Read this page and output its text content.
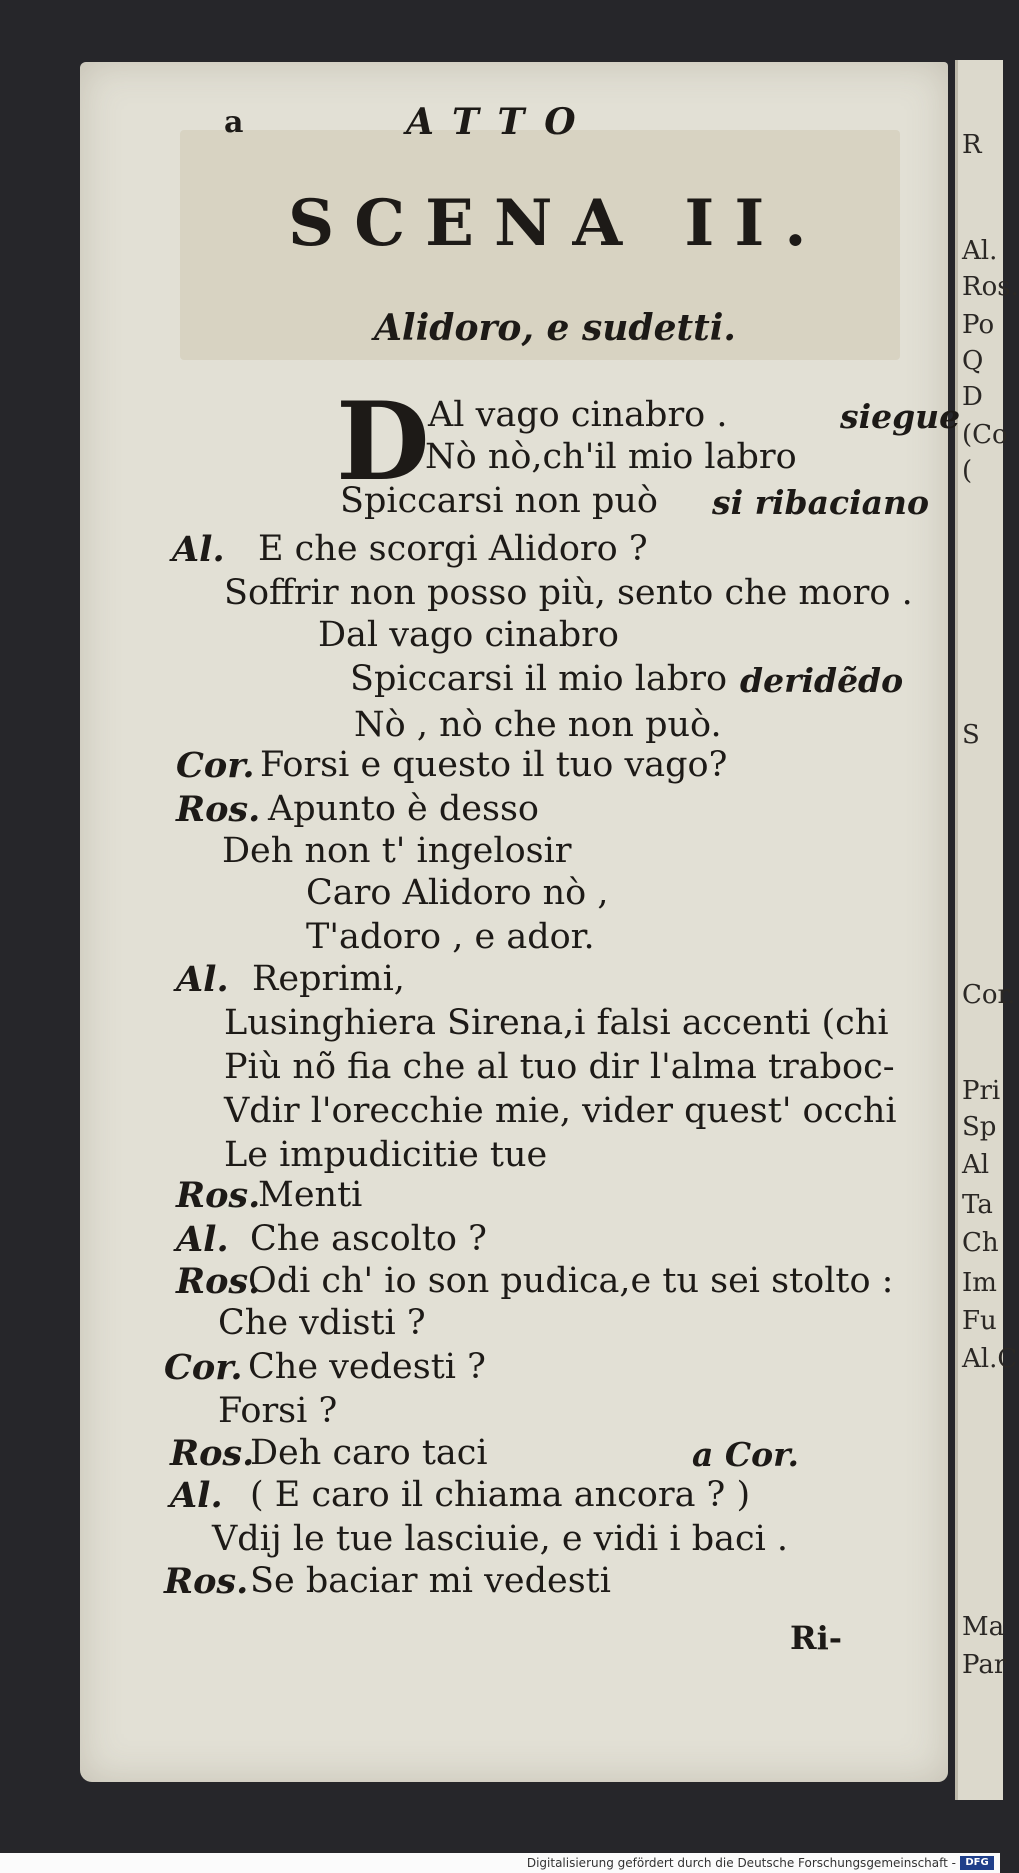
a	ATTO
SCENA II.
Alidoro, e sudetti.
D
Al vago cinabro .	siegue
Nò nò,ch'il mio labro
Spiccarsi non può si ribaciano
Al. E che scorgi Alidoro ?
Soffrir non posso più, sento che moro .
Dal vago cinabro
Spiccarsi il mio labro deridẽdo
Nò , nò che non può.
Cor. Forsi e questo il tuo vago?
Ros. Apunto è desso
Deh non t' ingelosir
Caro Alidoro nò ,
T'adoro , e ador.
Al. Reprimi,
Lusinghiera Sirena,i falsi accenti (chi
Più nõ fia che al tuo dir l'alma traboc-
Vdir l'orecchie mie, vider quest' occhi
Le impudicitie tue
Ros.
Menti
Al. Che ascolto ?
Ros.
Odi ch' io son pudica,e tu sei stolto :
Che vdisti ?
Cor. Che vedesti ?
Forsi ?
Ros.
Deh caro taci	a Cor.
Al. ( E caro il chiama ancora ? )
Vdij le tue lasciuie, e vidi i baci .
Ros. Se baciar mi vedesti
Ri-
R
Al.
Ros.
Po
Q
D
(Co
(
S
Cor.
Pri
Sp
Al
Ta
Ch
Im
Fu
Al.C
Ma
Par
Digitalisierung gefördert durch die Deutsche Forschungsgemeinschaft - DFG
